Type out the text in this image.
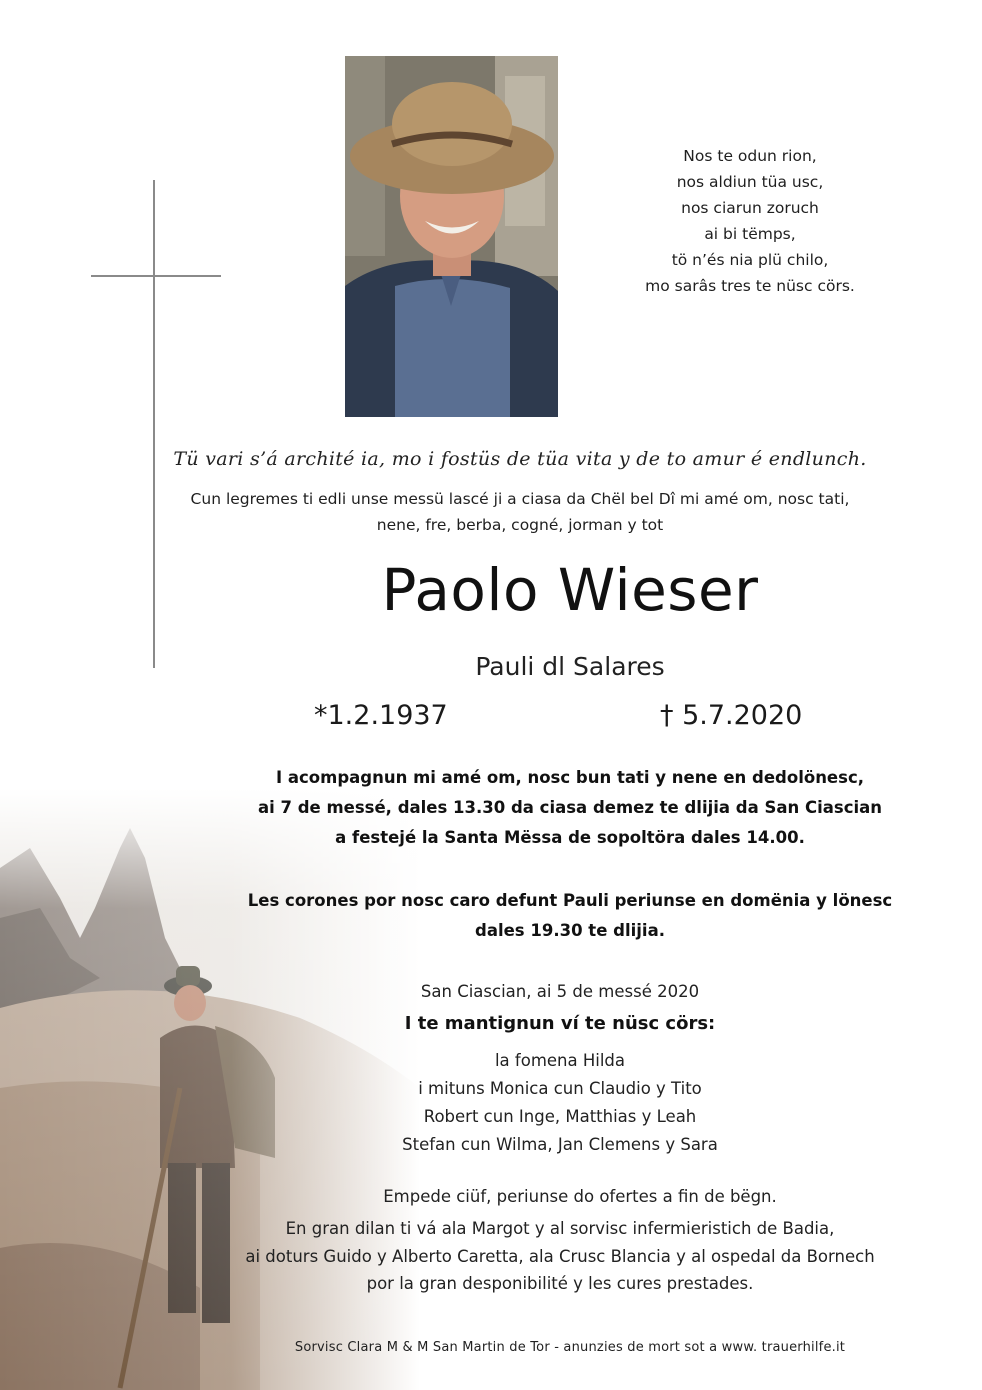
Nos te odun rion,
nos aldiun tüa usc,
nos ciarun zoruch
ai bi tëmps,
tö n’és nia plü chilo,
mo sarâs tres te nüsc cörs.
Tü vari s’á archité ia, mo i fostüs de tüa vita y de to amur é endlunch.
Cun legremes ti edli unse messü lascé ji a ciasa da Chël bel Dî mi amé om, nosc tati,
nene, fre, berba, cogné, jorman y tot
Paolo Wieser
Pauli dl Salares
*1.2.1937	† 5.7.2020
I acompagnun mi amé om, nosc bun tati y nene en dedolönesc,
ai 7 de messé, dales 13.30 da ciasa demez te dlijia da San Ciascian
a festejé la Santa Mëssa de sopoltöra dales 14.00.
Les corones por nosc caro defunt Pauli periunse en domënia y lönesc
dales 19.30 te dlijia.
San Ciascian, ai 5 de messé 2020
I te mantignun ví te nüsc cörs:
la fomena Hilda
i mituns Monica cun Claudio y Tito
Robert cun Inge, Matthias y Leah
Stefan cun Wilma, Jan Clemens y Sara
Empede ciüf, periunse do ofertes a fin de bëgn.
En gran dilan ti vá ala Margot y al sorvisc infermieristich de Badia,
ai doturs Guido y Alberto Caretta, ala Crusc Blancia y al ospedal da Bornech
por la gran desponibilité y les cures prestades.
Sorvisc Clara M & M San Martin de Tor - anunzies de mort sot a www. trauerhilfe.it
